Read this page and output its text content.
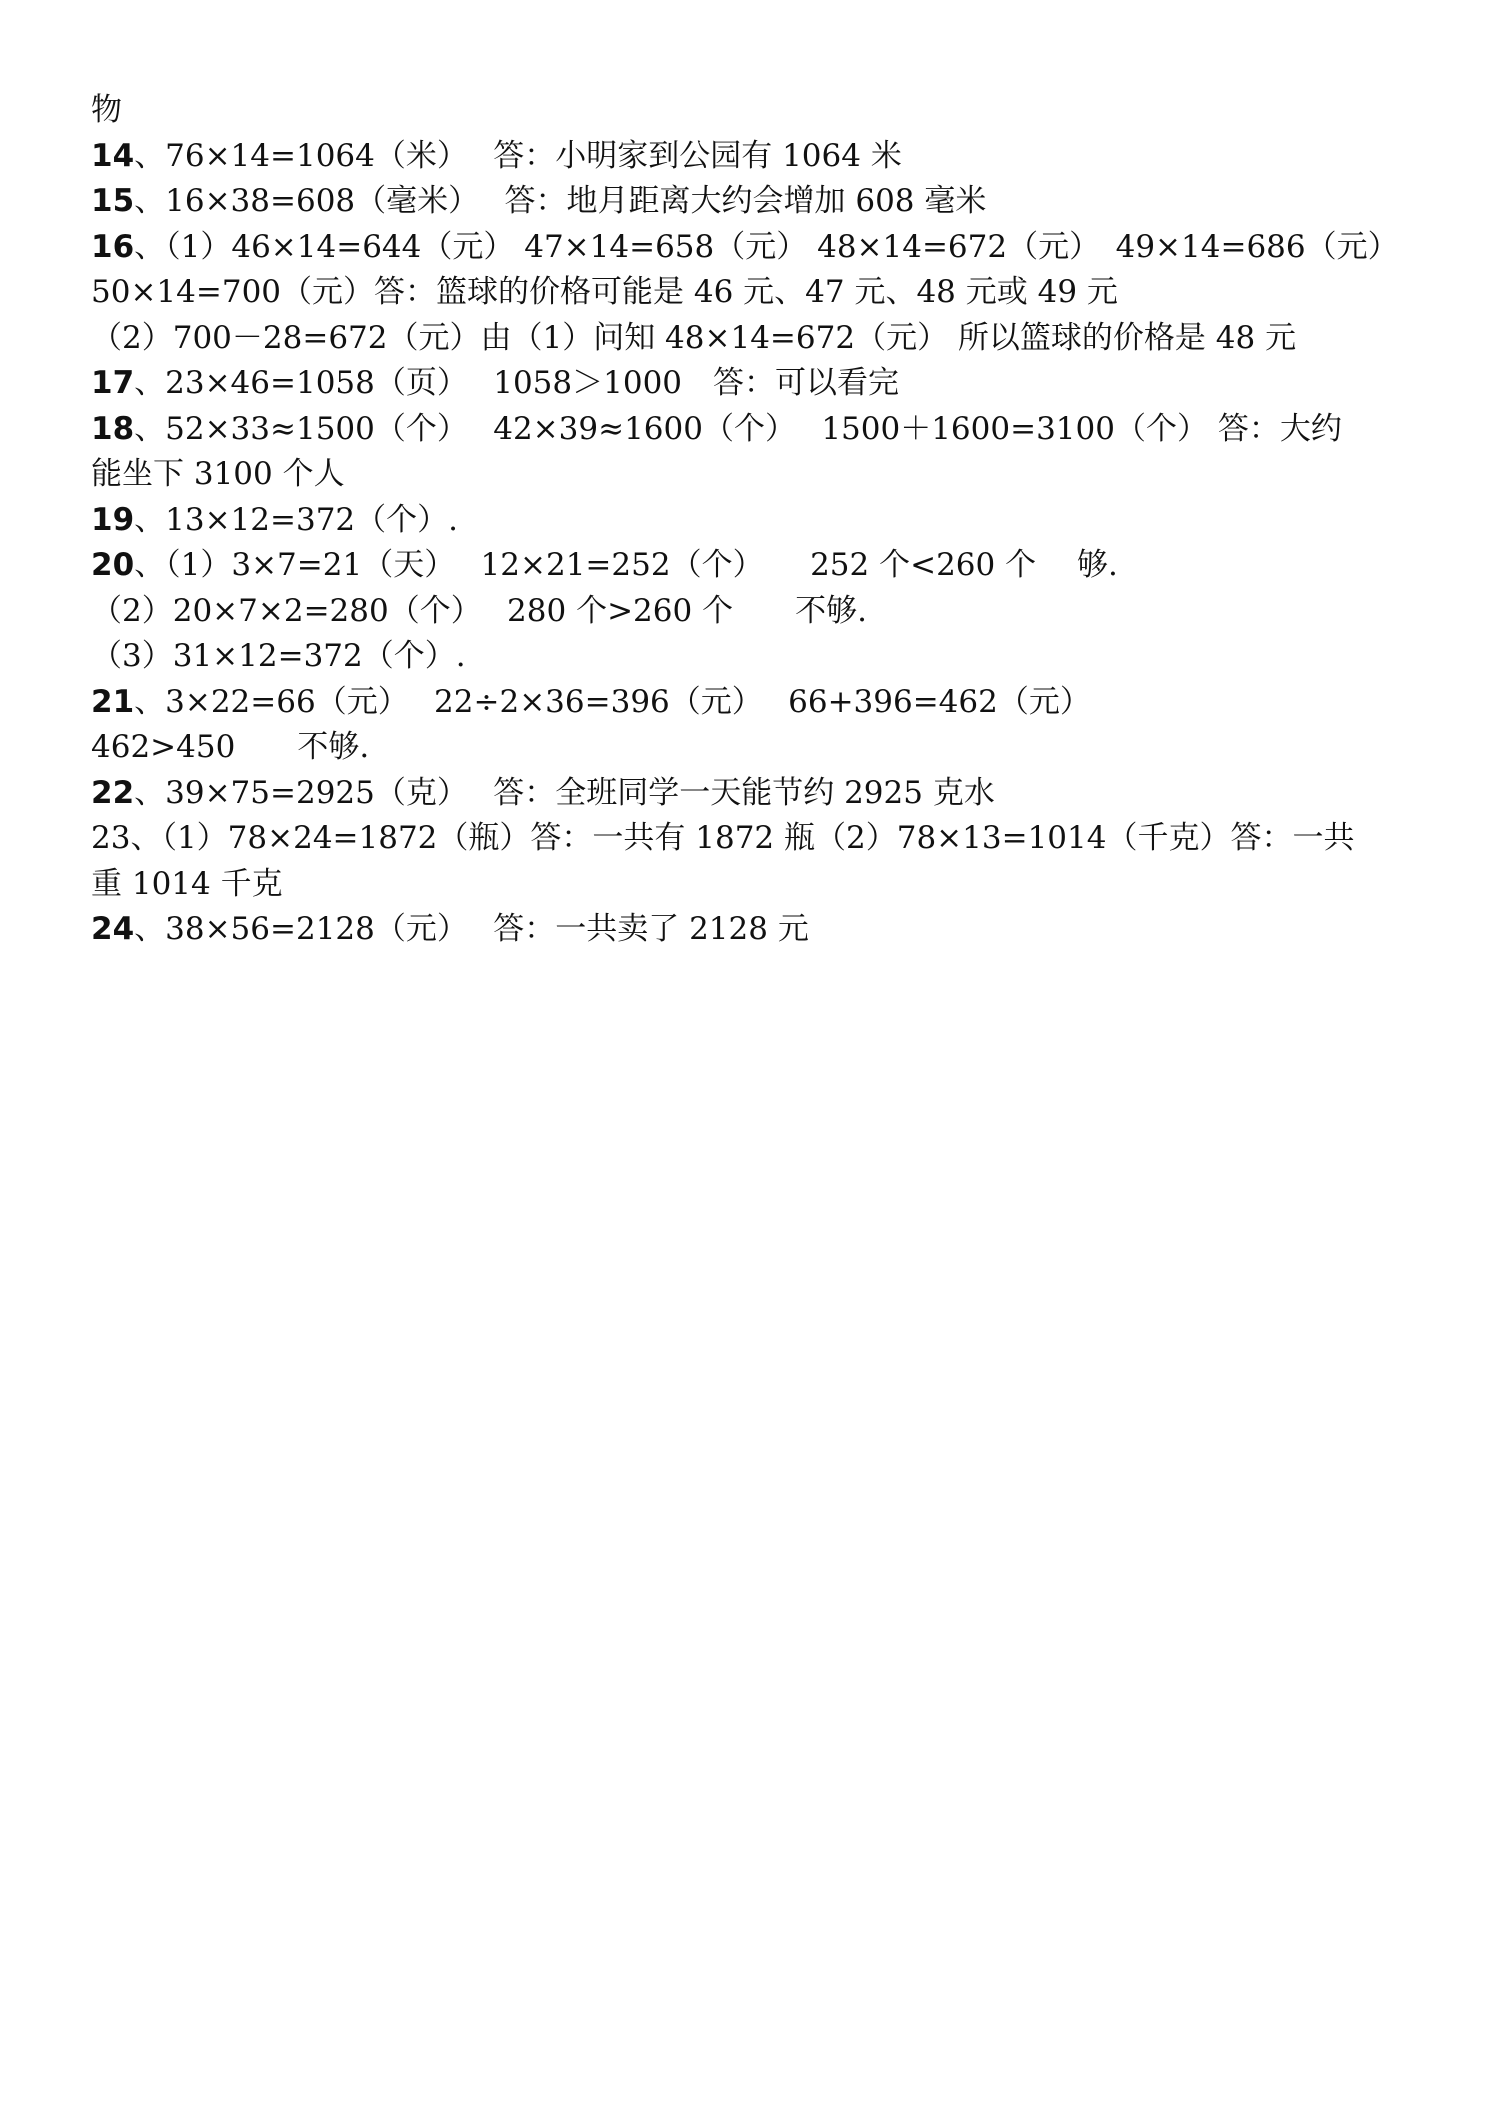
物
14、76×14=1064（米）　 答：小明家到公园有 1064 米
15、16×38=608（毫米）　 答：地月距离大约会增加 608 毫米
16、（1）46×14=644（元） 47×14=658（元） 48×14=672（元）　49×14=686（元）
50×14=700（元）答：篮球的价格可能是 46 元、47 元、48 元或 49 元
（2）700－28=672（元）由（1）问知 48×14=672（元） 所以篮球的价格是 48 元
17、23×46=1058（页）　 1058＞1000　答：可以看完
18、52×33≈1500（个）　 42×39≈1600（个）　 1500＋1600=3100（个） 答：大约
能坐下 3100 个人
19、13×12=372（个）.
20、（1）3×7=21（天）　 12×21=252（个）　　252 个<260 个　 够.
（2）20×7×2=280（个）　 280 个>260 个　　不够.
（3）31×12=372（个）.
21、3×22=66（元）　 22÷2×36=396（元）　 66+396=462（元）
462>450　　不够.
22、39×75=2925（克）　 答：全班同学一天能节约 2925 克水
23、（1）78×24=1872（瓶）答：一共有 1872 瓶（2）78×13=1014（千克）答：一共
重 1014 千克
24、38×56=2128（元）　 答：一共卖了 2128 元
